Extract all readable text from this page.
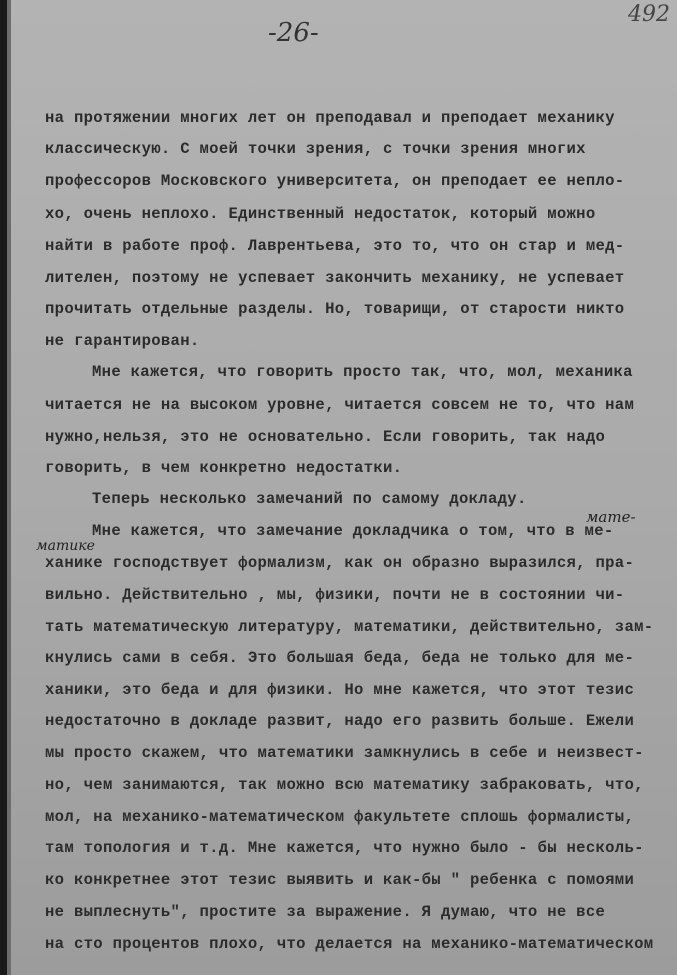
-26-
492
на протяжении многих лет он преподавал и преподает механику
классическую. С моей точки зрения, с точки зрения многих
профессоров Московского университета, он преподает ее непло-
хо, очень неплохо. Единственный недостаток, который можно
найти в работе проф. Лаврентьева, это то, что он стар и мед-
лителен, поэтому не успевает закончить механику, не успевает
прочитать отдельные разделы. Но, товарищи, от старости никто
не гарантирован.
Мне кажется, что говорить просто так, что, мол, механика
читается не на высоком уровне, читается совсем не то, что нам
нужно,нельзя, это не основательно. Если говорить, так надо
говорить, в чем конкретно недостатки.
Теперь несколько замечаний по самому докладу.
Мне кажется, что замечание докладчика о том, что в ме-
ханике господствует формализм, как он образно выразился, пра-
вильно. Действительно , мы, физики, почти не в состоянии чи-
тать математическую литературу, математики, действительно, зам-
кнулись сами в себя. Это большая беда, беда не только для ме-
ханики, это беда и для физики. Но мне кажется, что этот тезис
недостаточно в докладе развит, надо его развить больше. Ежели
мы просто скажем, что математики замкнулись в себе и неизвест-
но, чем занимаются, так можно всю математику забраковать, что,
мол, на механико-математическом факультете сплошь формалисты,
там топология и т.д. Мне кажется, что нужно было - бы несколь-
ко конкретнее этот тезис выявить и как-бы " ребенка с помоями
не выплеснуть", простите за выражение. Я думаю, что не все
на сто процентов плохо, что делается на механико-математическом
мате-
матике
